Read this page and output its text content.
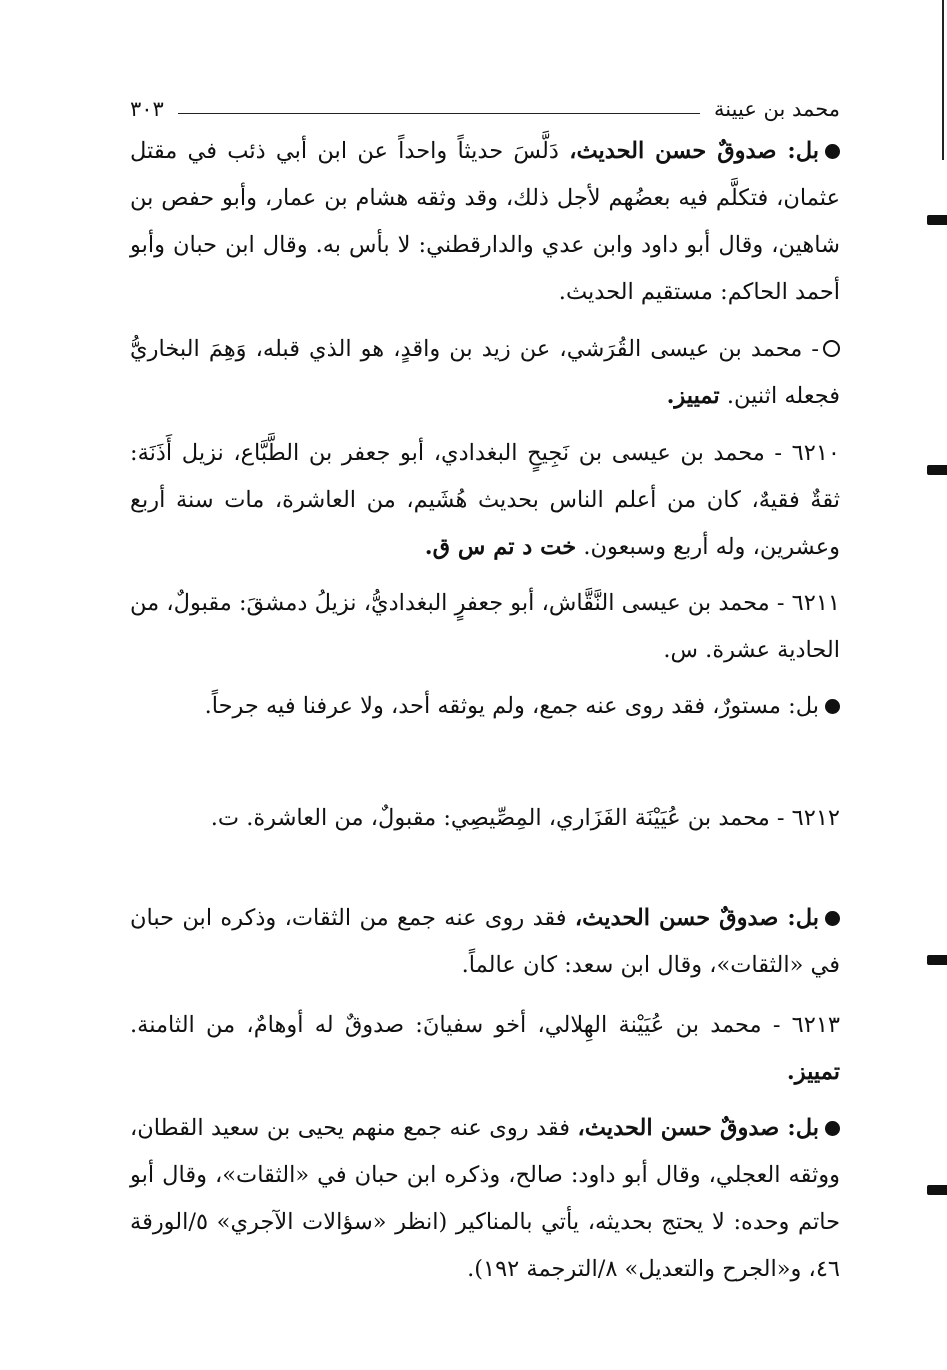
محمد بن عيينة
٣٠٣

بل: صدوقٌ حسن الحديث، دَلَّسَ حديثاً واحداً عن ابن أبي ذئب في مقتل عثمان، فتكلَّم فيه بعضُهم لأجل ذلك، وقد وثقه هشام بن عمار، وأبو حفص بن شاهين، وقال أبو داود وابن عدي والدارقطني: لا بأس به. وقال ابن حبان وأبو أحمد الحاكم: مستقيم الحديث.

- محمد بن عيسى القُرَشي، عن زيد بن واقدٍ، هو الذي قبله، وَهِمَ البخاريُّ فجعله اثنين. تمييز.

٦٢١٠ - محمد بن عيسى بن نَجِيحٍ البغدادي، أبو جعفر بن الطَّبَّاع، نزيل أَذَنَة: ثقةٌ فقيهٌ، كان من أعلم الناس بحديث هُشَيم، من العاشرة، مات سنة أربع وعشرين، وله أربع وسبعون. خت د تم س ق.

٦٢١١ - محمد بن عيسى النَّقَّاش، أبو جعفرٍ البغداديُّ، نزيلُ دمشقَ: مقبولٌ، من الحادية عشرة. س.

بل: مستورٌ، فقد روى عنه جمع، ولم يوثقه أحد، ولا عرفنا فيه جرحاً.

٦٢١٢ - محمد بن عُيَيْنَة الفَزَاري، المِصِّيصِي: مقبولٌ، من العاشرة. ت.

بل: صدوقٌ حسن الحديث، فقد روى عنه جمع من الثقات، وذكره ابن حبان في «الثقات»، وقال ابن سعد: كان عالماً.

٦٢١٣ - محمد بن عُيَيْنة الهِلالي، أخو سفيانَ: صدوقٌ له أوهامٌ، من الثامنة. تمييز.

بل: صدوقٌ حسن الحديث، فقد روى عنه جمع منهم يحيى بن سعيد القطان، ووثقه العجلي، وقال أبو داود: صالح، وذكره ابن حبان في «الثقات»، وقال أبو حاتم وحده: لا يحتج بحديثه، يأتي بالمناكير (انظر «سؤالات الآجري» ٥/الورقة ٤٦، و«الجرح والتعديل» ٨/الترجمة ١٩٢).
